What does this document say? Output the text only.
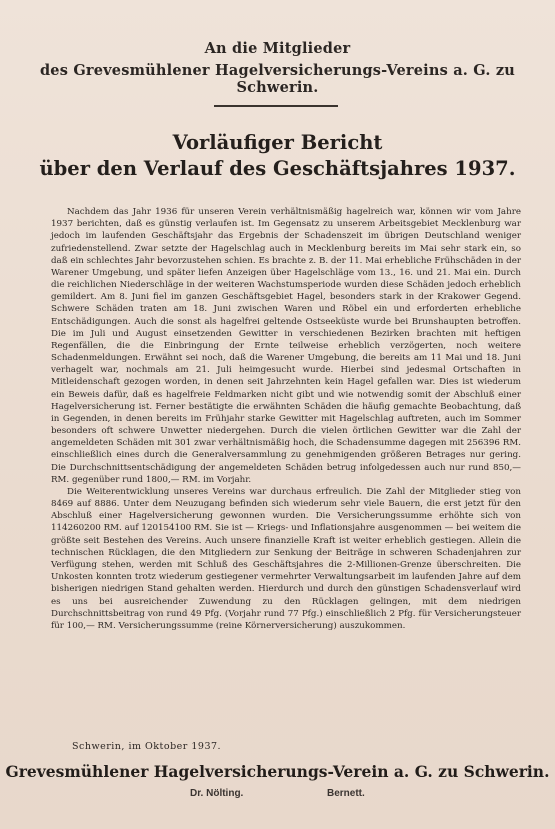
An die Mitglieder
des Grevesmühlener Hagelversicherungs-Vereins a. G. zu Schwerin.
Vorläufiger Bericht
über den Verlauf des Geschäftsjahres 1937.

Nachdem das Jahr 1936 für unseren Verein verhältnismäßig hagelreich war, können wir vom Jahre 1937 berichten, daß es günstig verlaufen ist. Im Gegensatz zu unserem Arbeitsgebiet Mecklenburg war jedoch im laufenden Geschäftsjahr das Ergebnis der Schadenszeit im übrigen Deutschland weniger zufriedenstellend. Zwar setzte der Hagelschlag auch in Mecklenburg bereits im Mai sehr stark ein, so daß ein schlechtes Jahr bevorzustehen schien. Es brachte z. B. der 11. Mai erhebliche Frühschäden in der Warener Umgebung, und später liefen Anzeigen über Hagelschläge vom 13., 16. und 21. Mai ein. Durch die reichlichen Niederschläge in der weiteren Wachstumsperiode wurden diese Schäden jedoch erheblich gemildert. Am 8. Juni fiel im ganzen Geschäftsgebiet Hagel, besonders stark in der Krakower Gegend. Schwere Schäden traten am 18. Juni zwischen Waren und Röbel ein und erforderten erhebliche Entschädigungen. Auch die sonst als hagelfrei geltende Ostseeküste wurde bei Brunshaupten betroffen. Die im Juli und August einsetzenden Gewitter in verschiedenen Bezirken brachten mit heftigen Regenfällen, die die Einbringung der Ernte teilweise erheblich verzögerten, noch weitere Schadenmeldungen. Erwähnt sei noch, daß die Warener Umgebung, die bereits am 11 Mai und 18. Juni verhagelt war, nochmals am 21. Juli heimgesucht wurde. Hierbei sind jedesmal Ortschaften in Mitleidenschaft gezogen worden, in denen seit Jahrzehnten kein Hagel gefallen war. Dies ist wiederum ein Beweis dafür, daß es hagelfreie Feldmarken nicht gibt und wie notwendig somit der Abschluß einer Hagelversicherung ist. Ferner bestätigte die erwähnten Schäden die häufig gemachte Beobachtung, daß in Gegenden, in denen bereits im Frühjahr starke Gewitter mit Hagelschlag auftreten, auch im Sommer besonders oft schwere Unwetter niedergehen. Durch die vielen örtlichen Gewitter war die Zahl der angemeldeten Schäden mit 301 zwar verhältnismäßig hoch, die Schadensumme dagegen mit 256396 RM. einschließlich eines durch die Generalversammlung zu genehmigenden größeren Betrages nur gering. Die Durchschnittsentschädigung der angemeldeten Schäden betrug infolgedessen auch nur rund 850,— RM. gegenüber rund 1800,— RM. im Vorjahr.

Die Weiterentwicklung unseres Vereins war durchaus erfreulich. Die Zahl der Mitglieder stieg von 8469 auf 8886. Unter dem Neuzugang befinden sich wiederum sehr viele Bauern, die erst jetzt für den Abschluß einer Hagelversicherung gewonnen wurden. Die Versicherungssumme erhöhte sich von 114260200 RM. auf 120154100 RM. Sie ist — Kriegs- und Inflationsjahre ausgenommen — bei weitem die größte seit Bestehen des Vereins. Auch unsere finanzielle Kraft ist weiter erheblich gestiegen. Allein die technischen Rücklagen, die den Mitgliedern zur Senkung der Beiträge in schweren Schadenjahren zur Verfügung stehen, werden mit Schluß des Geschäftsjahres die 2-Millionen-Grenze überschreiten. Die Unkosten konnten trotz wiederum gestiegener vermehrter Verwaltungsarbeit im laufenden Jahre auf dem bisherigen niedrigen Stand gehalten werden. Hierdurch und durch den günstigen Schadensverlauf wird es uns bei ausreichender Zuwendung zu den Rücklagen gelingen, mit dem niedrigen Durchschnittsbeitrag von rund 49 Pfg. (Vorjahr rund 77 Pfg.) einschließlich 2 Pfg. für Versicherungsteuer für 100,— RM. Versicherungssumme (reine Körnerversicherung) auszukommen.

Schwerin, im Oktober 1937.
Grevesmühlener Hagelversicherungs-Verein a. G. zu Schwerin.
Dr. Nölting.	Bernett.
